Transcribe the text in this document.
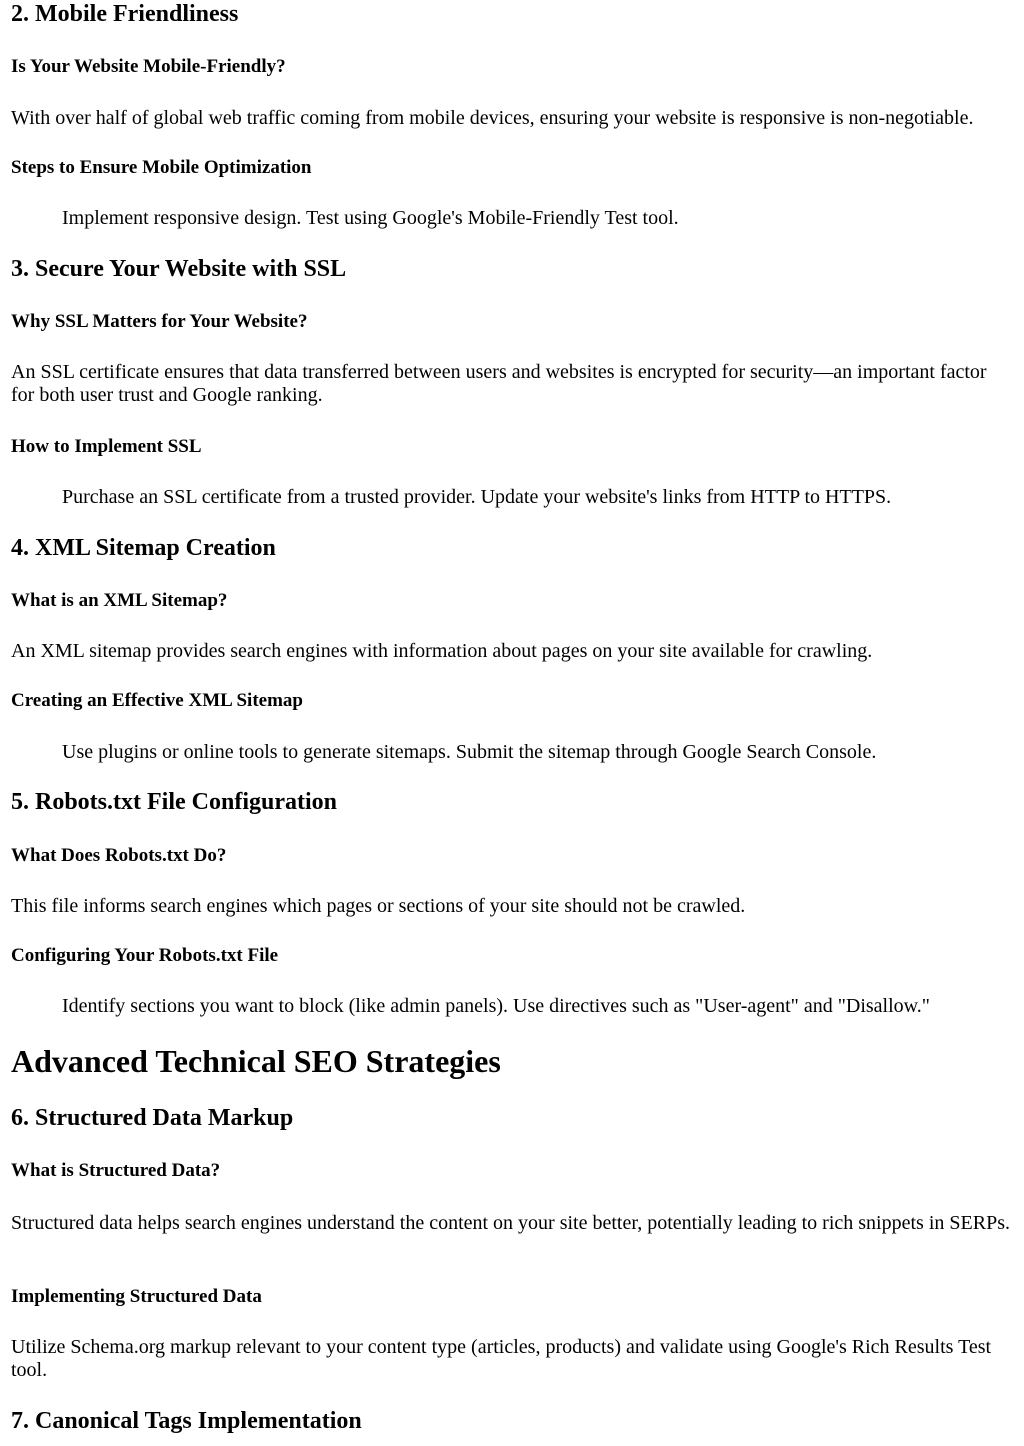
2. Mobile Friendliness
Is Your Website Mobile-Friendly?

With over half of global web traffic coming from mobile devices, ensuring your website is responsive is non-negotiable.

Steps to Ensure Mobile Optimization
Implement responsive design. Test using Google's Mobile-Friendly Test tool.
3. Secure Your Website with SSL
Why SSL Matters for Your Website?

An SSL certificate ensures that data transferred between users and websites is encrypted for security—an important factor for both user trust and Google ranking.

How to Implement SSL
Purchase an SSL certificate from a trusted provider. Update your website's links from HTTP to HTTPS.
4. XML Sitemap Creation
What is an XML Sitemap?

An XML sitemap provides search engines with information about pages on your site available for crawling.

Creating an Effective XML Sitemap
Use plugins or online tools to generate sitemaps. Submit the sitemap through Google Search Console.
5. Robots.txt File Configuration
What Does Robots.txt Do?

This file informs search engines which pages or sections of your site should not be crawled.

Configuring Your Robots.txt File
Identify sections you want to block (like admin panels). Use directives such as "User-agent" and "Disallow."
Advanced Technical SEO Strategies
6. Structured Data Markup
What is Structured Data?

Structured data helps search engines understand the content on your site better, potentially leading to rich snippets in SERPs.

Implementing Structured Data

Utilize Schema.org markup relevant to your content type (articles, products) and validate using Google's Rich Results Test tool.

7. Canonical Tags Implementation
